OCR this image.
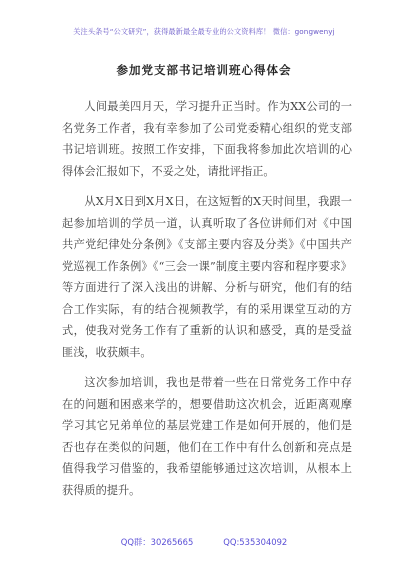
关注头条号“公文研究”，获得最新最全最专业的公文资料库！ 微信：gongwenyj
参加党支部书记培训班心得体会

人间最美四月天，学习提升正当时。作为XX公司的一名党务工作者，我有幸参加了公司党委精心组织的党支部书记培训班。按照工作安排，下面我将参加此次培训的心得体会汇报如下，不妥之处，请批评指正。

从X月X日到X月X日，在这短暂的X天时间里，我跟一起参加培训的学员一道，认真听取了各位讲师们对《中国共产党纪律处分条例》《支部主要内容及分类》《中国共产党巡视工作条例》《“三会一课”制度主要内容和程序要求》等方面进行了深入浅出的讲解、分析与研究，他们有的结合工作实际，有的结合视频教学，有的采用课堂互动的方式，使我对党务工作有了重新的认识和感受，真的是受益匪浅，收获颇丰。

这次参加培训，我也是带着一些在日常党务工作中存在的问题和困惑来学的，想要借助这次机会，近距离观摩学习其它兄弟单位的基层党建工作是如何开展的，他们是否也存在类似的问题，他们在工作中有什么创新和亮点是值得我学习借鉴的，我希望能够通过这次培训，从根本上获得质的提升。

QQ群：30265665	QQ:535304092
